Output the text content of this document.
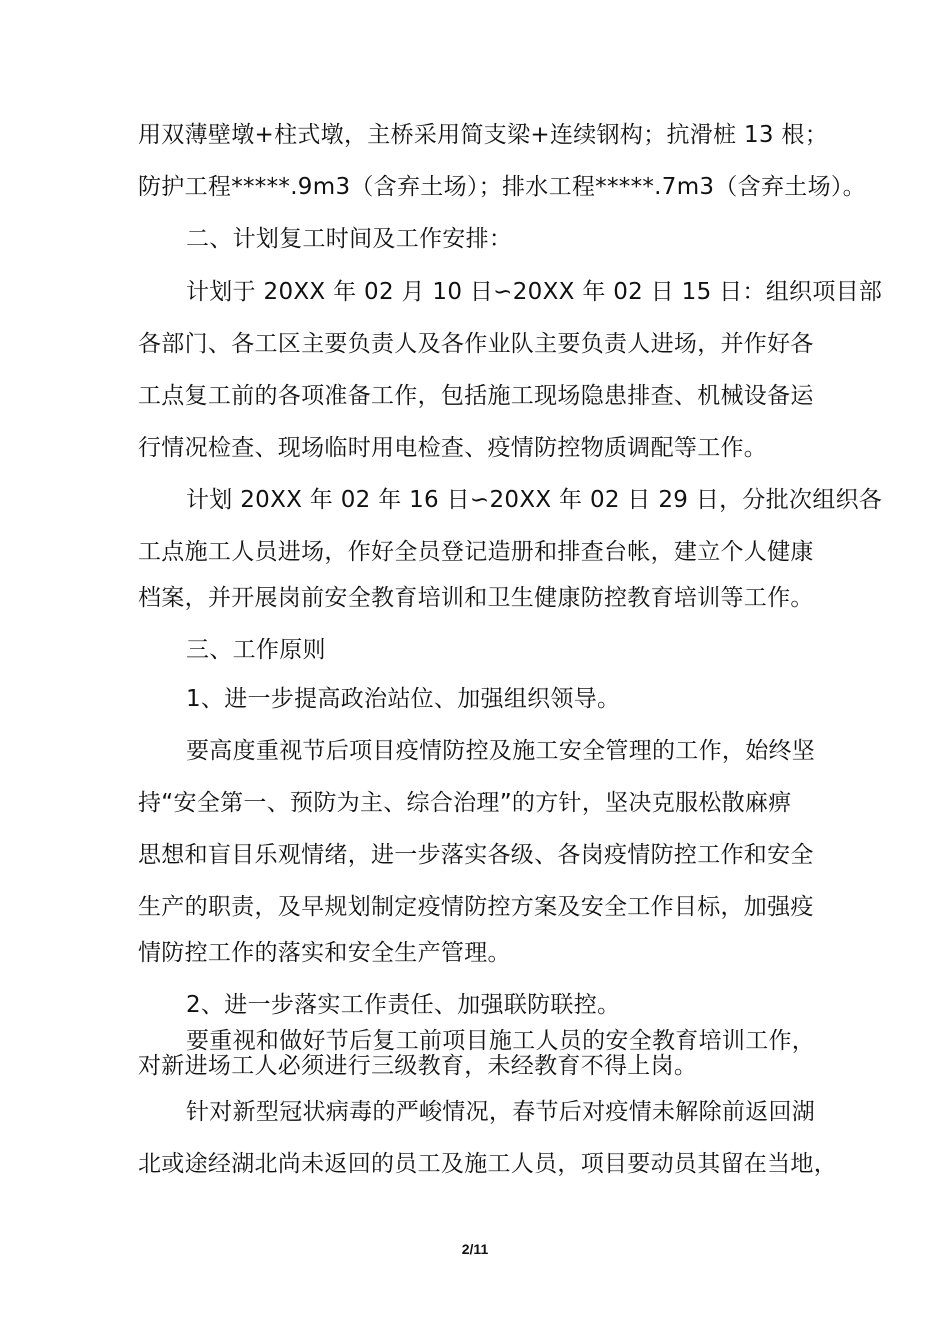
用双薄壁墩+柱式墩，主桥采用简支梁+连续钢构；抗滑桩 13 根；
防护工程*****.9m3（含弃土场）；排水工程*****.7m3（含弃土场）。
二、计划复工时间及工作安排：
计划于 20XX 年 02 月 10 日∽20XX 年 02 日 15 日：组织项目部
各部门、各工区主要负责人及各作业队主要负责人进场，并作好各
工点复工前的各项准备工作，包括施工现场隐患排查、机械设备运
行情况检查、现场临时用电检查、疫情防控物质调配等工作。
计划 20XX 年 02 年 16 日∽20XX 年 02 日 29 日，分批次组织各
工点施工人员进场，作好全员登记造册和排查台帐，建立个人健康
档案，并开展岗前安全教育培训和卫生健康防控教育培训等工作。
三、工作原则
1、进一步提高政治站位、加强组织领导。
要高度重视节后项目疫情防控及施工安全管理的工作，始终坚
持“安全第一、预防为主、综合治理”的方针，坚决克服松散麻痹
思想和盲目乐观情绪，进一步落实各级、各岗疫情防控工作和安全
生产的职责，及早规划制定疫情防控方案及安全工作目标，加强疫
情防控工作的落实和安全生产管理。
2、进一步落实工作责任、加强联防联控。
要重视和做好节后复工前项目施工人员的安全教育培训工作，
对新进场工人必须进行三级教育，未经教育不得上岗。
针对新型冠状病毒的严峻情况，春节后对疫情未解除前返回湖
北或途经湖北尚未返回的员工及施工人员，项目要动员其留在当地，
2/11
